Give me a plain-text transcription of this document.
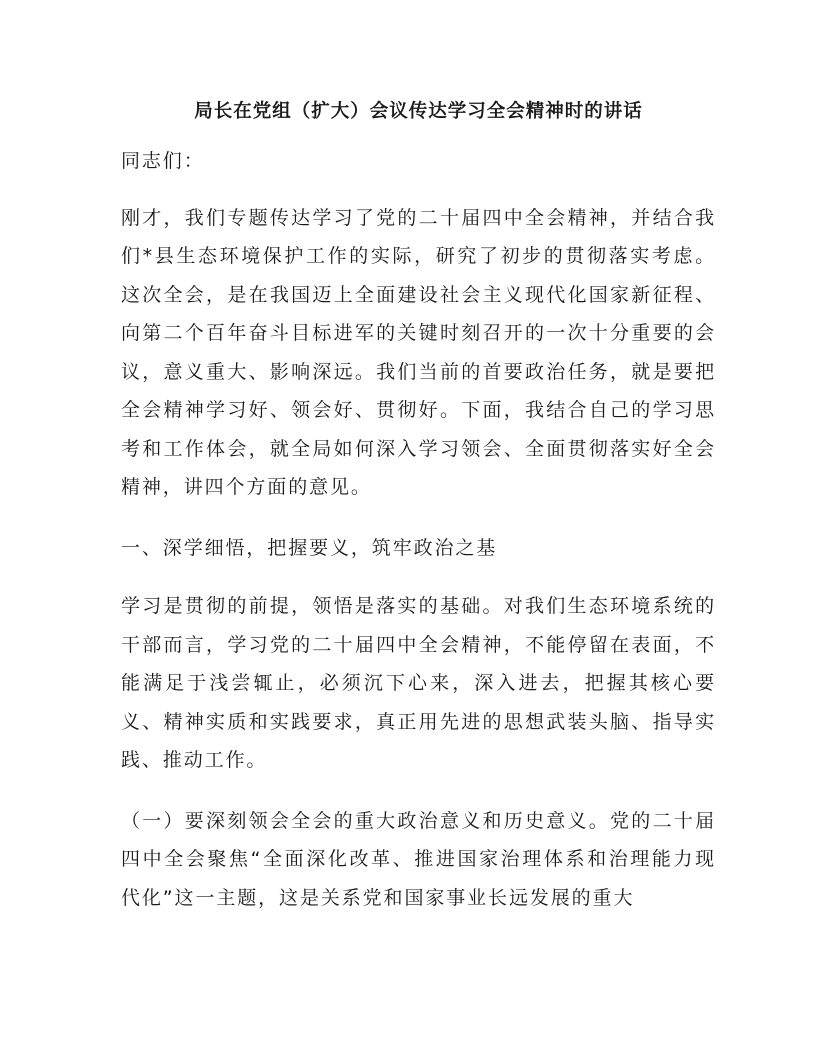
局长在党组（扩大）会议传达学习全会精神时的讲话

同志们：

刚才，我们专题传达学习了党的二十届四中全会精神，并结合我们*县生态环境保护工作的实际，研究了初步的贯彻落实考虑。这次全会，是在我国迈上全面建设社会主义现代化国家新征程、向第二个百年奋斗目标进军的关键时刻召开的一次十分重要的会议，意义重大、影响深远。我们当前的首要政治任务，就是要把全会精神学习好、领会好、贯彻好。下面，我结合自己的学习思考和工作体会，就全局如何深入学习领会、全面贯彻落实好全会精神，讲四个方面的意见。

一、深学细悟，把握要义，筑牢政治之基

学习是贯彻的前提，领悟是落实的基础。对我们生态环境系统的干部而言，学习党的二十届四中全会精神，不能停留在表面，不能满足于浅尝辄止，必须沉下心来，深入进去，把握其核心要义、精神实质和实践要求，真正用先进的思想武装头脑、指导实践、推动工作。

（一）要深刻领会全会的重大政治意义和历史意义。党的二十届四中全会聚焦“全面深化改革、推进国家治理体系和治理能力现代化”这一主题，这是关系党和国家事业长远发展的重大
